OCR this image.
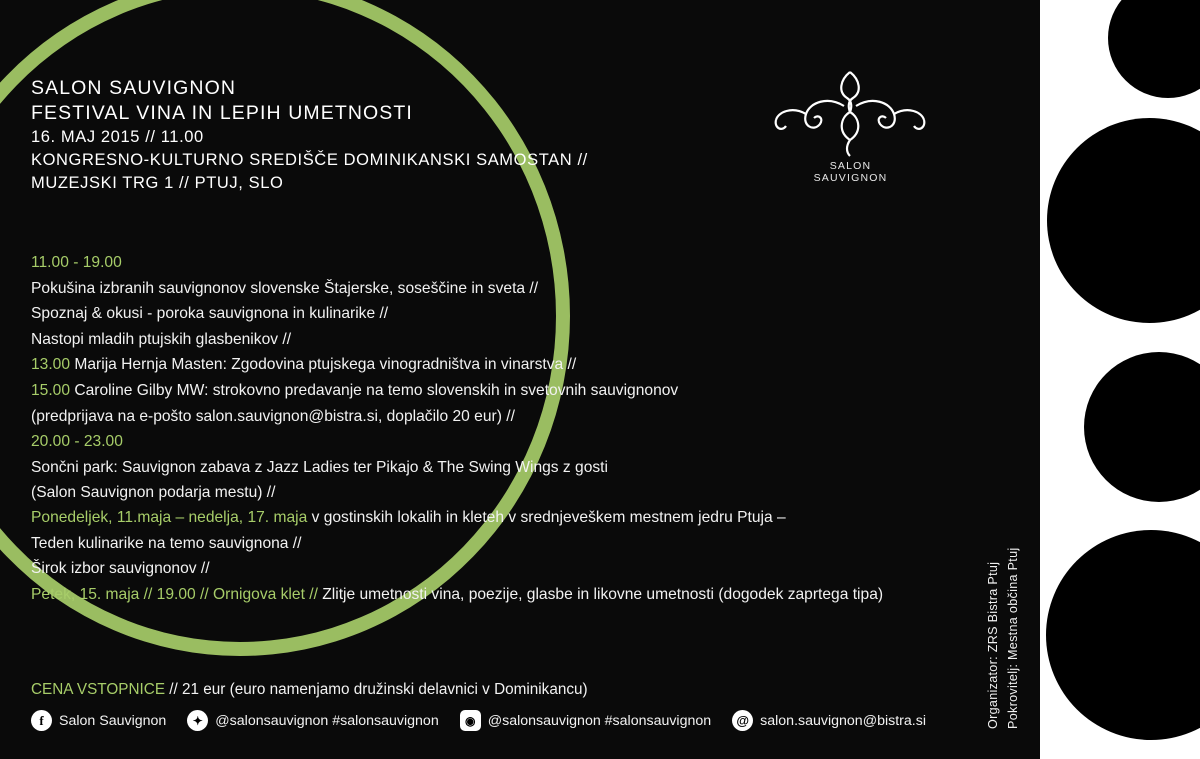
SALON SAUVIGNON
FESTIVAL VINA IN LEPIH UMETNOSTI
16. MAJ 2015 // 11.00
KONGRESNO-KULTURNO SREDIŠČE DOMINIKANSKI SAMOSTAN //
MUZEJSKI TRG 1 // PTUJ, SLO
SALON
SAUVIGNON
11.00 - 19.00
Pokušina izbranih sauvignonov slovenske Štajerske, soseščine in sveta //
Spoznaj & okusi - poroka sauvignona in kulinarike //
Nastopi mladih ptujskih glasbenikov //
13.00 Marija Hernja Masten: Zgodovina ptujskega vinogradništva in vinarstva //
15.00 Caroline Gilby MW: strokovno predavanje na temo slovenskih in svetovnih sauvignonov
(predprijava na e-pošto salon.sauvignon@bistra.si, doplačilo 20 eur) //
20.00 - 23.00
Sončni park: Sauvignon zabava z Jazz Ladies ter Pikajo & The Swing Wings z gosti
(Salon Sauvignon podarja mestu) //
Ponedeljek, 11.maja – nedelja, 17. maja v gostinskih lokalih in kleteh v srednjeveškem mestnem jedru Ptuja –
Teden kulinarike na temo sauvignona //
Širok izbor sauvignonov //
Petek, 15. maja // 19.00 // Ornigova klet // Zlitje umetnosti vina, poezije, glasbe in likovne umetnosti (dogodek zaprtega tipa)
CENA VSTOPNICE // 21 eur (euro namenjamo družinski delavnici v Dominikancu)
f	Salon Sauvignon	✦ @salonsauvignon #salonsauvignon	◉ @salonsauvignon #salonsauvignon	@ salon.sauvignon@bistra.si	Pokrovitelj: Mestna občina Ptuj
Organizator: ZRS Bistra Ptuj
